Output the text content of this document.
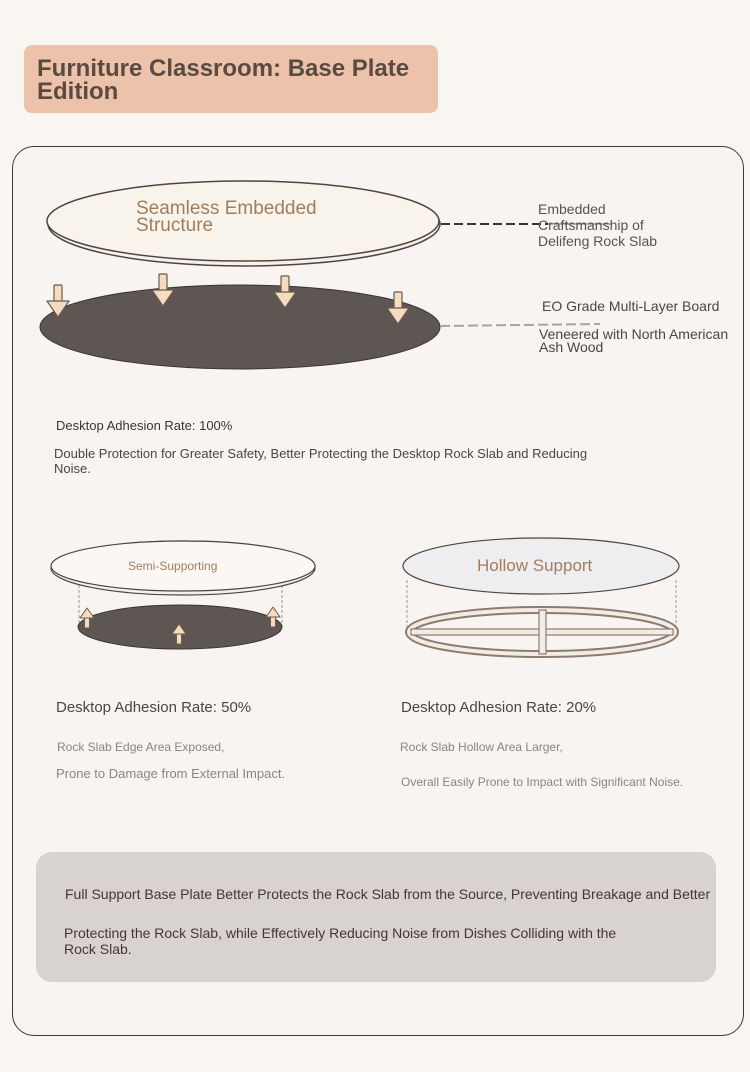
Furniture Classroom: Base Plate Edition
Seamless Embedded Structure
Embedded Craftsmanship of Delifeng Rock Slab
EO Grade Multi-Layer Board
Veneered with North American Ash Wood
Desktop Adhesion Rate: 100%
Double Protection for Greater Safety, Better Protecting the Desktop Rock Slab and Reducing Noise.
Semi-Supporting	Hollow Support
Desktop Adhesion Rate: 50%	Desktop Adhesion Rate: 20%
Rock Slab Edge Area Exposed,
Prone to Damage from External Impact.
Rock Slab Hollow Area Larger,
Overall Easily Prone to Impact with Significant Noise.
Full Support Base Plate Better Protects the Rock Slab from the Source, Preventing Breakage and Better
Protecting the Rock Slab, while Effectively Reducing Noise from Dishes Colliding with the Rock Slab.
